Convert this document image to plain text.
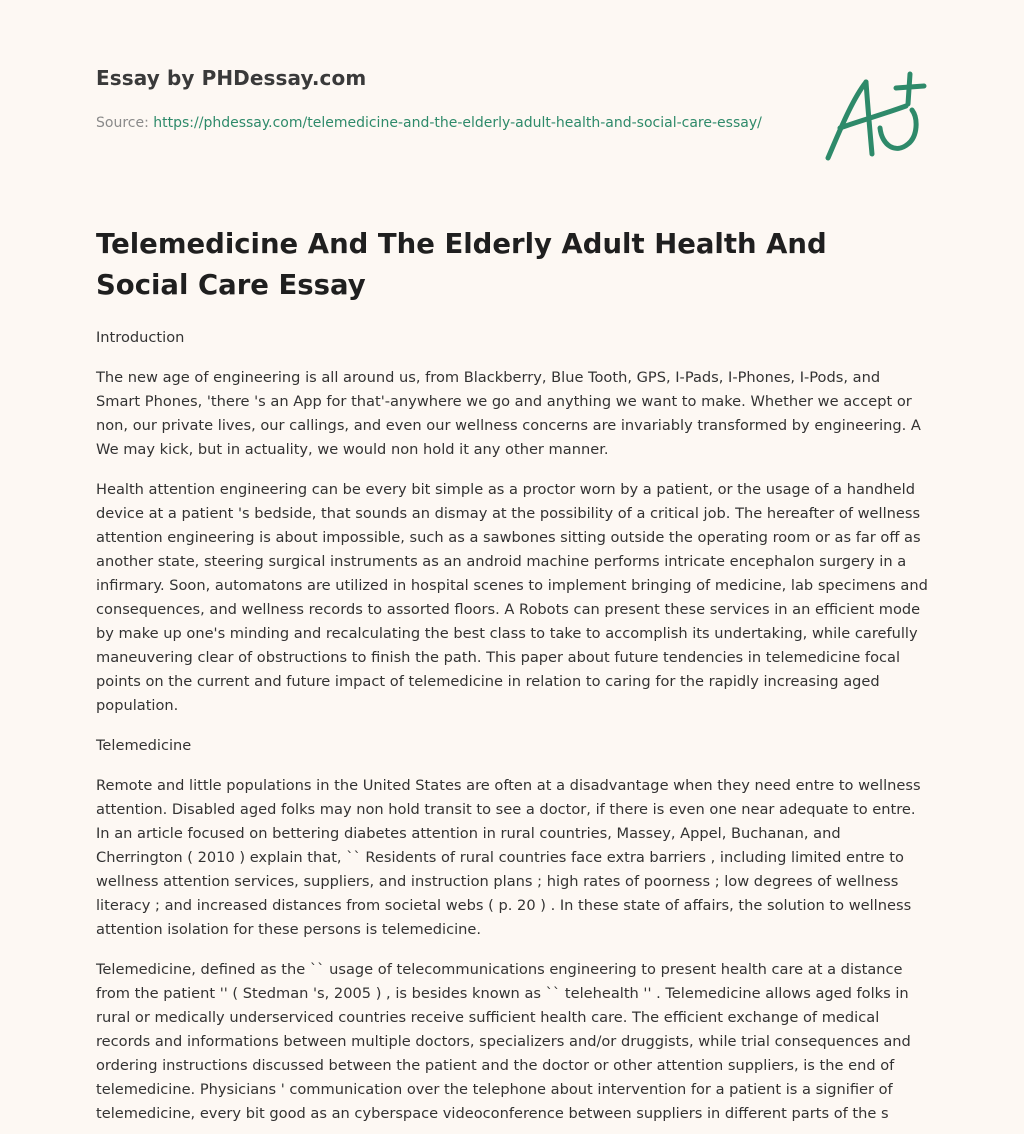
Essay by PHDessay.com
Source: https://phdessay.com/telemedicine-and-the-elderly-adult-health-and-social-care-essay/
Telemedicine And The Elderly Adult Health And Social Care Essay

Introduction

The new age of engineering is all around us, from Blackberry, Blue Tooth, GPS, I-Pads, I-Phones, I-Pods, and Smart Phones, 'there 's an App for that'-anywhere we go and anything we want to make. Whether we accept or non, our private lives, our callings, and even our wellness concerns are invariably transformed by engineering. A We may kick, but in actuality, we would non hold it any other manner.

Health attention engineering can be every bit simple as a proctor worn by a patient, or the usage of a handheld device at a patient 's bedside, that sounds an dismay at the possibility of a critical job. The hereafter of wellness attention engineering is about impossible, such as a sawbones sitting outside the operating room or as far off as another state, steering surgical instruments as an android machine performs intricate encephalon surgery in a infirmary. Soon, automatons are utilized in hospital scenes to implement bringing of medicine, lab specimens and consequences, and wellness records to assorted floors. A Robots can present these services in an efficient mode by make up one's minding and recalculating the best class to take to accomplish its undertaking, while carefully maneuvering clear of obstructions to finish the path. This paper about future tendencies in telemedicine focal points on the current and future impact of telemedicine in relation to caring for the rapidly increasing aged population.

Telemedicine

Remote and little populations in the United States are often at a disadvantage when they need entre to wellness attention. Disabled aged folks may non hold transit to see a doctor, if there is even one near adequate to entre. In an article focused on bettering diabetes attention in rural countries, Massey, Appel, Buchanan, and Cherrington ( 2010 ) explain that, `` Residents of rural countries face extra barriers , including limited entre to wellness attention services, suppliers, and instruction plans ; high rates of poorness ; low degrees of wellness literacy ; and increased distances from societal webs ( p. 20 ) . In these state of affairs, the solution to wellness attention isolation for these persons is telemedicine.

Telemedicine, defined as the `` usage of telecommunications engineering to present health care at a distance from the patient '' ( Stedman 's, 2005 ) , is besides known as `` telehealth '' . Telemedicine allows aged folks in rural or medically underserviced countries receive sufficient health care. The efficient exchange of medical records and informations between multiple doctors, specializers and/or druggists, while trial consequences and ordering instructions discussed between the patient and the doctor or other attention suppliers, is the end of telemedicine. Physicians ' communication over the telephone about intervention for a patient is a signifier of telemedicine, every bit good as an cyberspace videoconference between suppliers in different parts of the s
